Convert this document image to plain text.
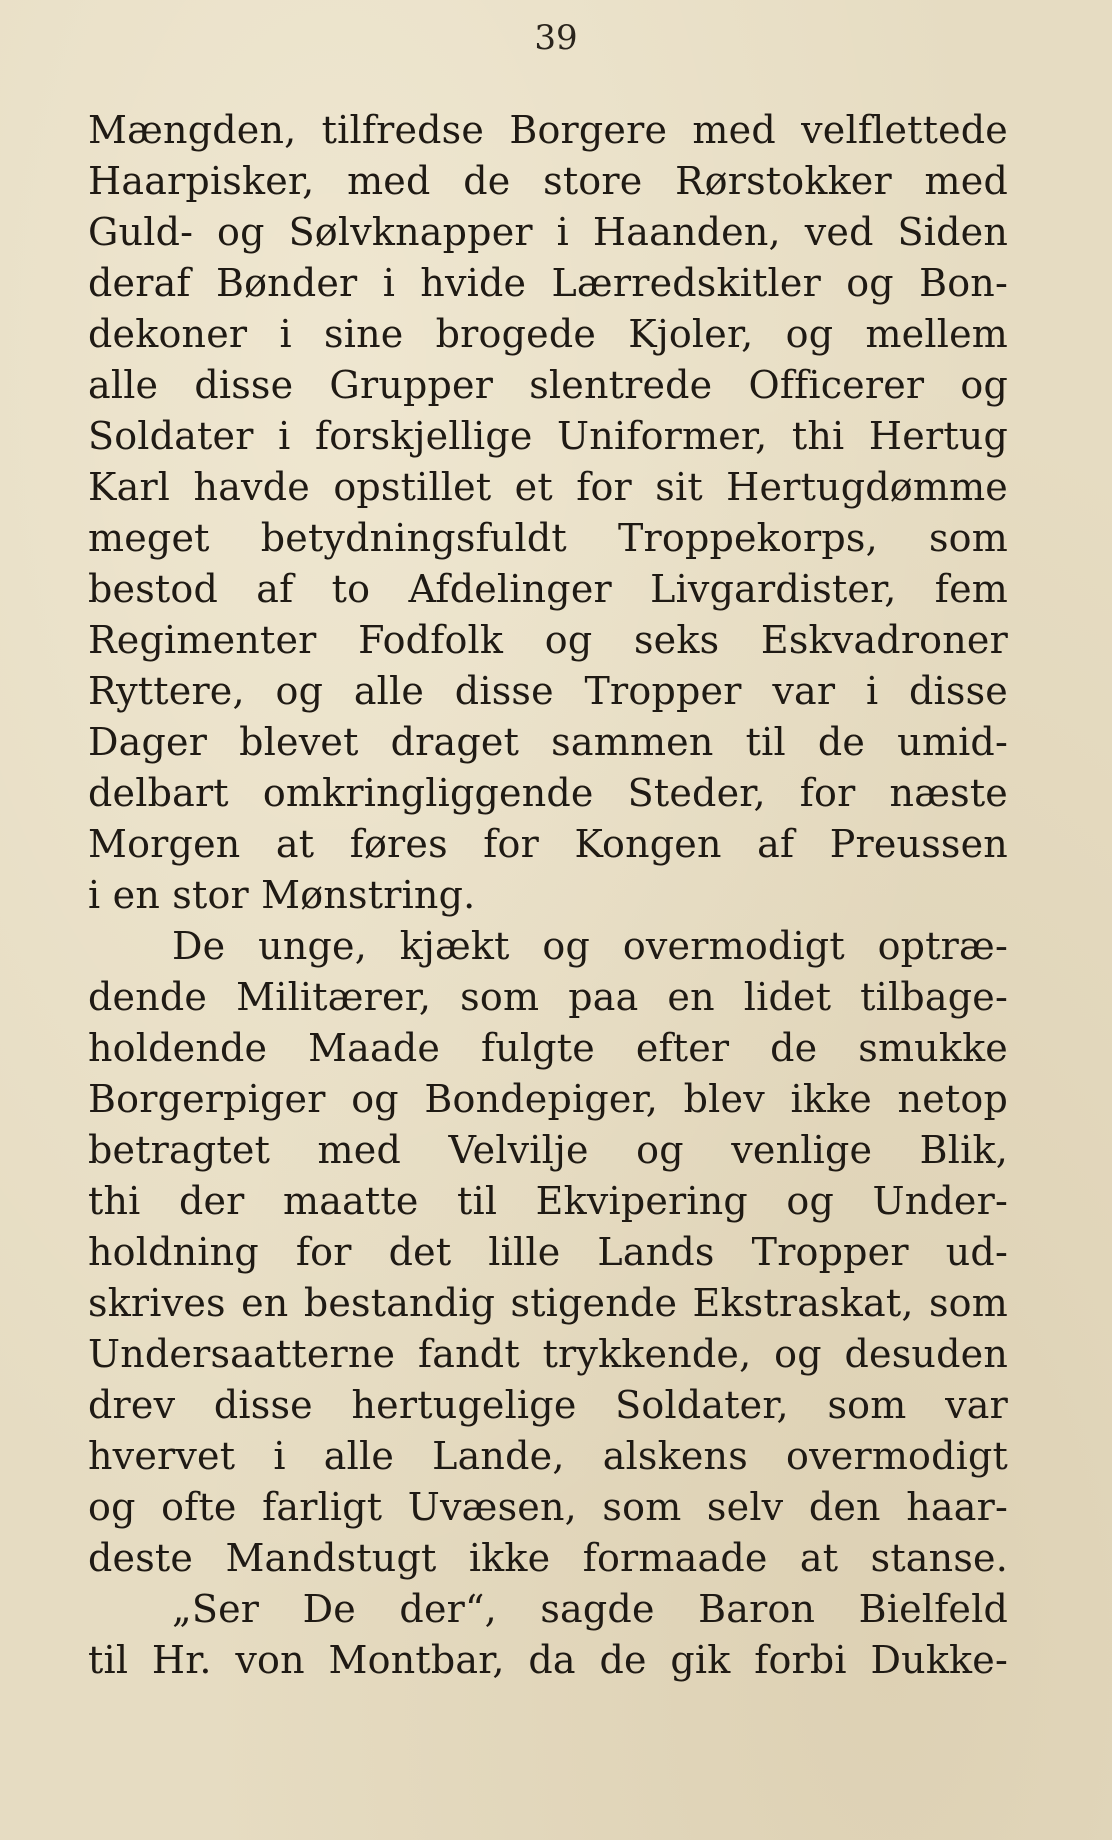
39
Mængden, tilfredse Borgere med velflettede
Haarpisker, med de store Rørstokker med
Guld- og Sølvknapper i Haanden, ved Siden
deraf Bønder i hvide Lærredskitler og Bon-
dekoner i sine brogede Kjoler, og mellem
alle disse Grupper slentrede Officerer og
Soldater i forskjellige Uniformer, thi Hertug
Karl havde opstillet et for sit Hertugdømme
meget betydningsfuldt Troppekorps, som
bestod af to Afdelinger Livgardister, fem
Regimenter Fodfolk og seks Eskvadroner
Ryttere, og alle disse Tropper var i disse
Dager blevet draget sammen til de umid-
delbart omkringliggende Steder, for næste
Morgen at føres for Kongen af Preussen
i en stor Mønstring.
De unge, kjækt og overmodigt optræ-
dende Militærer, som paa en lidet tilbage-
holdende Maade fulgte efter de smukke
Borgerpiger og Bondepiger, blev ikke netop
betragtet med Velvilje og venlige Blik,
thi der maatte til Ekvipering og Under-
holdning for det lille Lands Tropper ud-
skrives en bestandig stigende Ekstraskat, som
Undersaatterne fandt trykkende, og desuden
drev disse hertugelige Soldater, som var
hvervet i alle Lande, alskens overmodigt
og ofte farligt Uvæsen, som selv den haar-
deste Mandstugt ikke formaade at stanse.
„Ser De der“, sagde Baron Bielfeld
til Hr. von Montbar, da de gik forbi Dukke-
